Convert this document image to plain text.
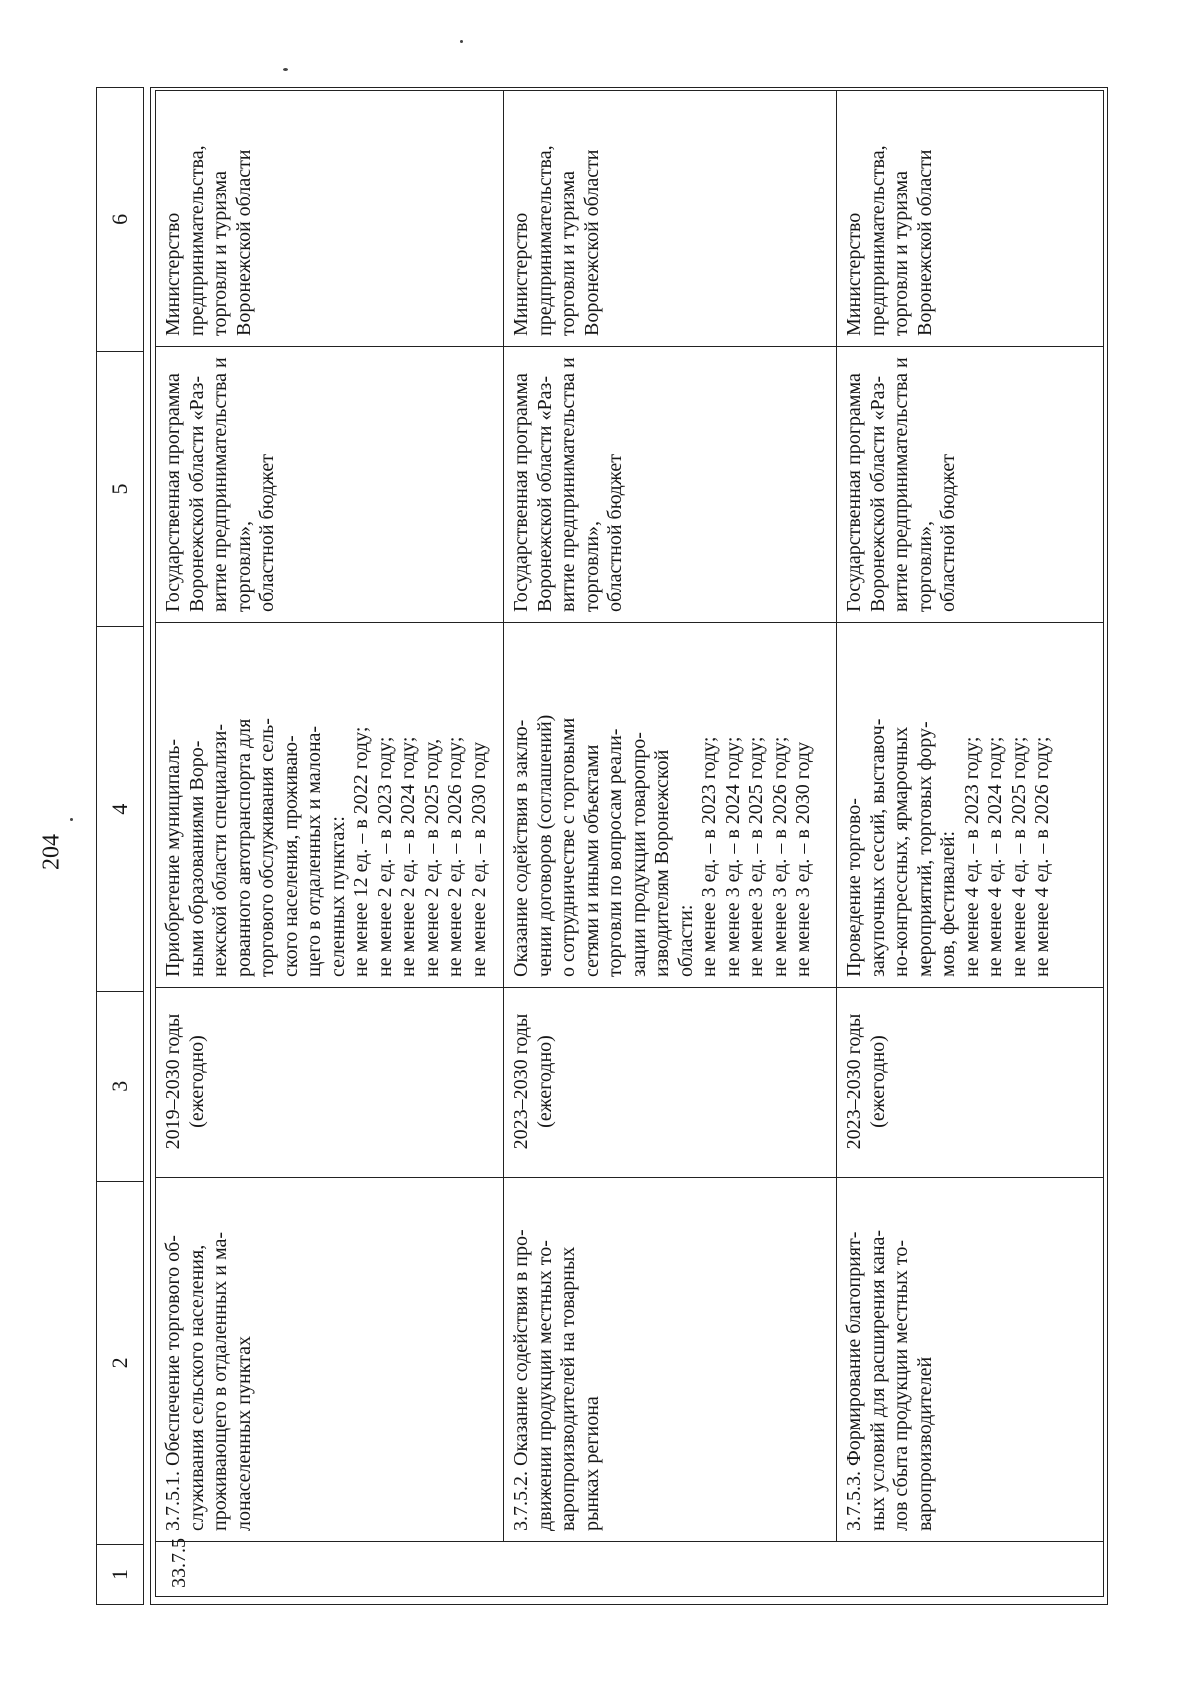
204
1
2
3
4
5
6
33.7.5
3.7.5.1. Обеспечение торгового об-
служивания сельского населения,
проживающего в отдаленных и ма-
лонаселенных пунктах
2019–2030 годы
(ежегодно)
Приобретение муниципаль-
ными образованиями Воро-
нежской области специализи-
рованного автотранспорта для
торгового обслуживания сель-
ского населения, проживаю-
щего в отдаленных и малона-
селенных пунктах:
не менее 12 ед. – в 2022 году;
не менее 2 ед. – в 2023 году;
не менее 2 ед. – в 2024 году;
не менее 2 ед. – в 2025 году,
не менее 2 ед. – в 2026 году;
не менее 2 ед. – в 2030 году
Государственная программа
Воронежской области «Раз-
витие предпринимательства и
торговли»,
областной бюджет
Министерство
предпринимательства,
торговли и туризма
Воронежской области
3.7.5.2. Оказание содействия в про-
движении продукции местных то-
варопроизводителей на товарных
рынках региона
2023–2030 годы
(ежегодно)
Оказание содействия в заклю-
чении договоров (соглашений)
о сотрудничестве с торговыми
сетями и иными объектами
торговли по вопросам реали-
зации продукции товаропро-
изводителям Воронежской
области:
не менее 3 ед. – в 2023 году;
не менее 3 ед. – в 2024 году;
не менее 3 ед. – в 2025 году;
не менее 3 ед. – в 2026 году;
не менее 3 ед. – в 2030 году
Государственная программа
Воронежской области «Раз-
витие предпринимательства и
торговли»,
областной бюджет
Министерство
предпринимательства,
торговли и туризма
Воронежской области
3.7.5.3. Формирование благоприят-
ных условий для расширения кана-
лов сбыта продукции местных то-
варопроизводителей
2023–2030 годы
(ежегодно)
Проведение торгово-
закупочных сессий, выставоч-
но-конгрессных, ярмарочных
мероприятий, торговых фору-
мов, фестивалей:
не менее 4 ед. – в 2023 году;
не менее 4 ед. – в 2024 году;
не менее 4 ед. – в 2025 году;
не менее 4 ед. – в 2026 году;
Государственная программа
Воронежской области «Раз-
витие предпринимательства и
торговли»,
областной бюджет
Министерство
предпринимательства,
торговли и туризма
Воронежской области
